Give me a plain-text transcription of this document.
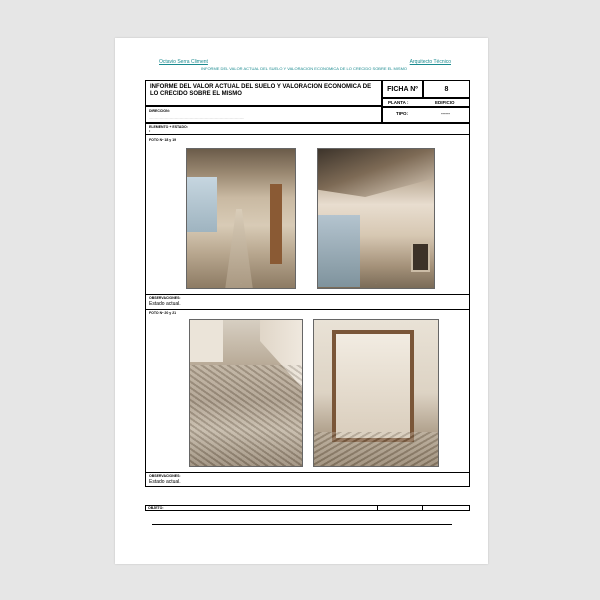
Octavio Serra Climent	Arquitecto Técnico
INFORME DEL VALOR ACTUAL DEL SUELO Y VALORACION ECONOMICA DE LO CRECIDO SOBRE EL MISMO
INFORME DEL VALOR ACTUAL DEL SUELO Y VALORACION ECONOMICA DE LO CRECIDO SOBRE EL MISMO
FICHA Nº	8
PLANTA :	EDIFICIO
DIRECCION:
..................................................................................................................
TIPO:	------
ELEMENTO + ESTADO:
•
FOTO Nº 18 y 19
·	·
OBSERVACIONES:
Estado actual.
FOTO Nº 20 y 21
OBSERVACIONES:
Estado actual.
OBJETO:
